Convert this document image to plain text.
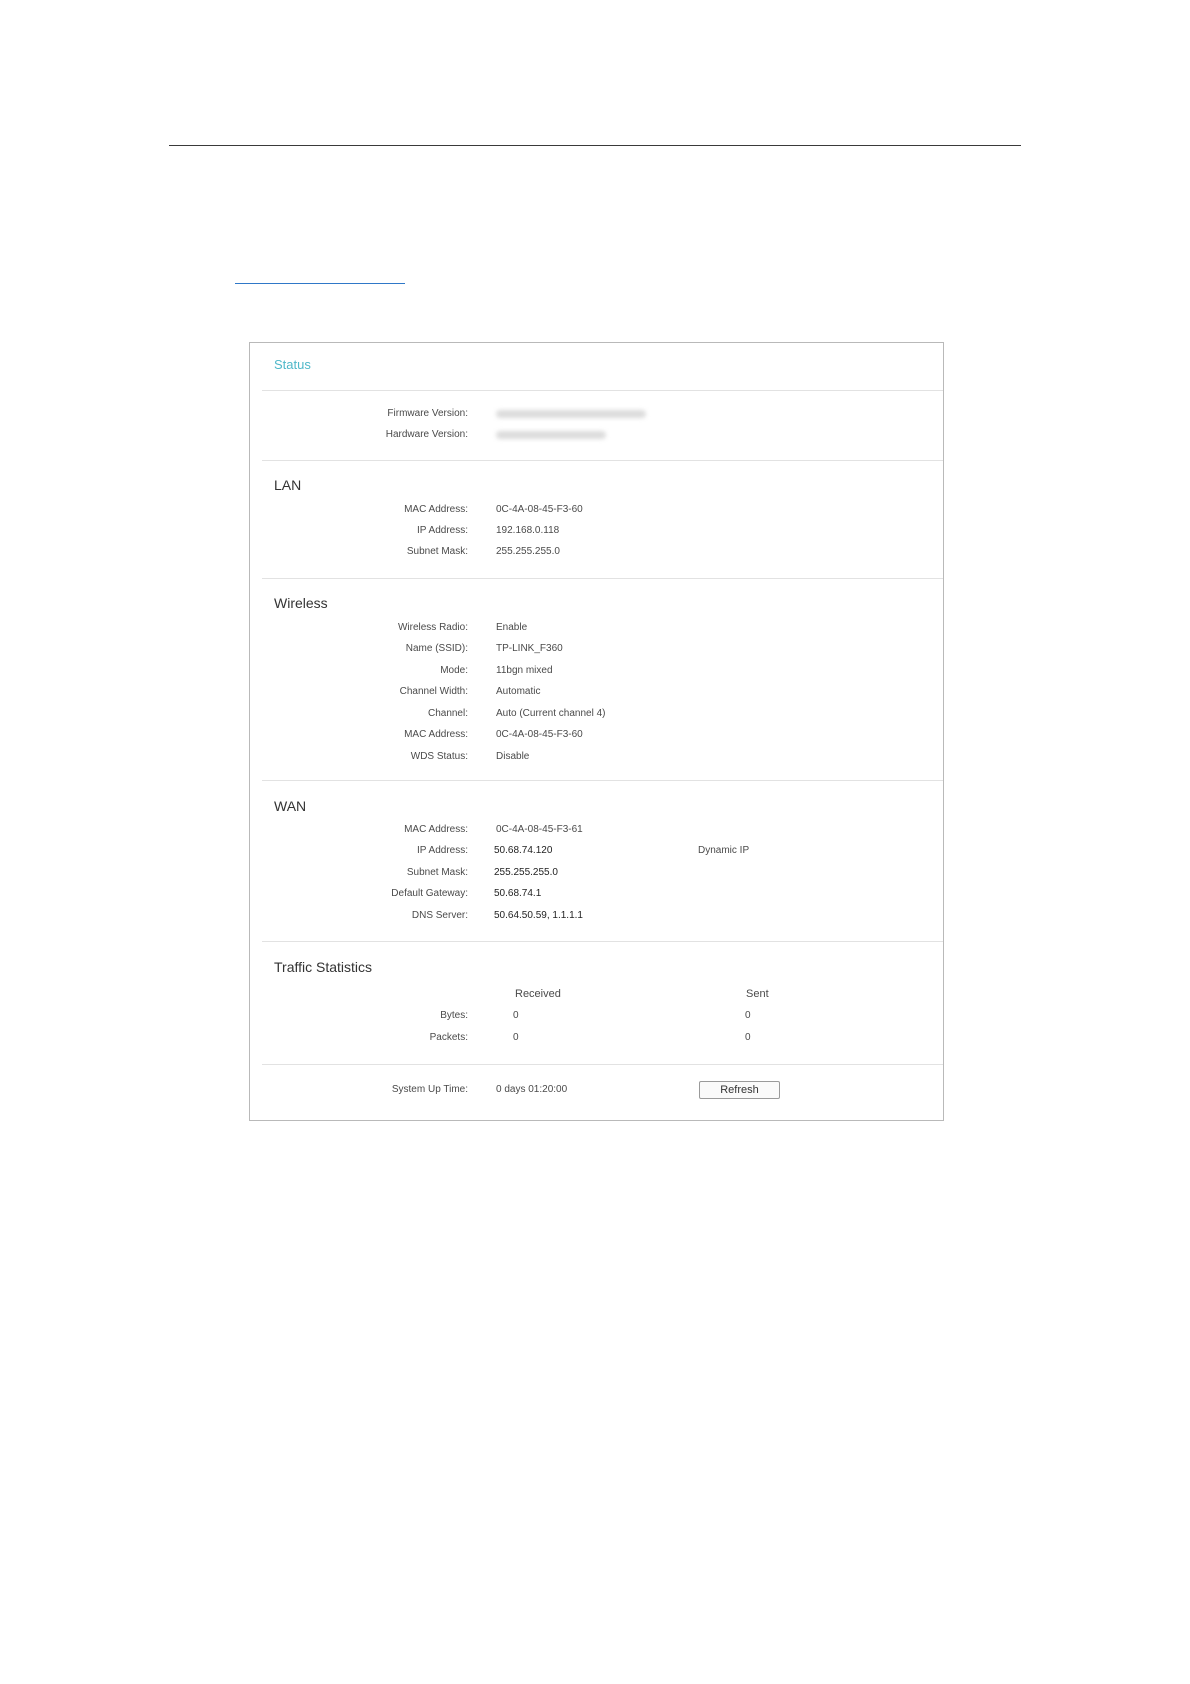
Status
Firmware Version:
Hardware Version:
LAN
MAC Address:	0C-4A-08-45-F3-60
IP Address:	192.168.0.118
Subnet Mask:	255.255.255.0
Wireless
Wireless Radio:	Enable
Name (SSID):	TP-LINK_F360
Mode:	11bgn mixed
Channel Width:	Automatic
Channel:	Auto (Current channel 4)
MAC Address:	0C-4A-08-45-F3-60
WDS Status:	Disable
WAN
MAC Address:	0C-4A-08-45-F3-61
IP Address:	50.68.74.120	Dynamic IP
Subnet Mask:	255.255.255.0
Default Gateway:	50.68.74.1
DNS Server:	50.64.50.59, 1.1.1.1
Traffic Statistics
Received	Sent
Bytes:	0	0
Packets:	0	0
System Up Time:	0 days 01:20:00	Refresh
